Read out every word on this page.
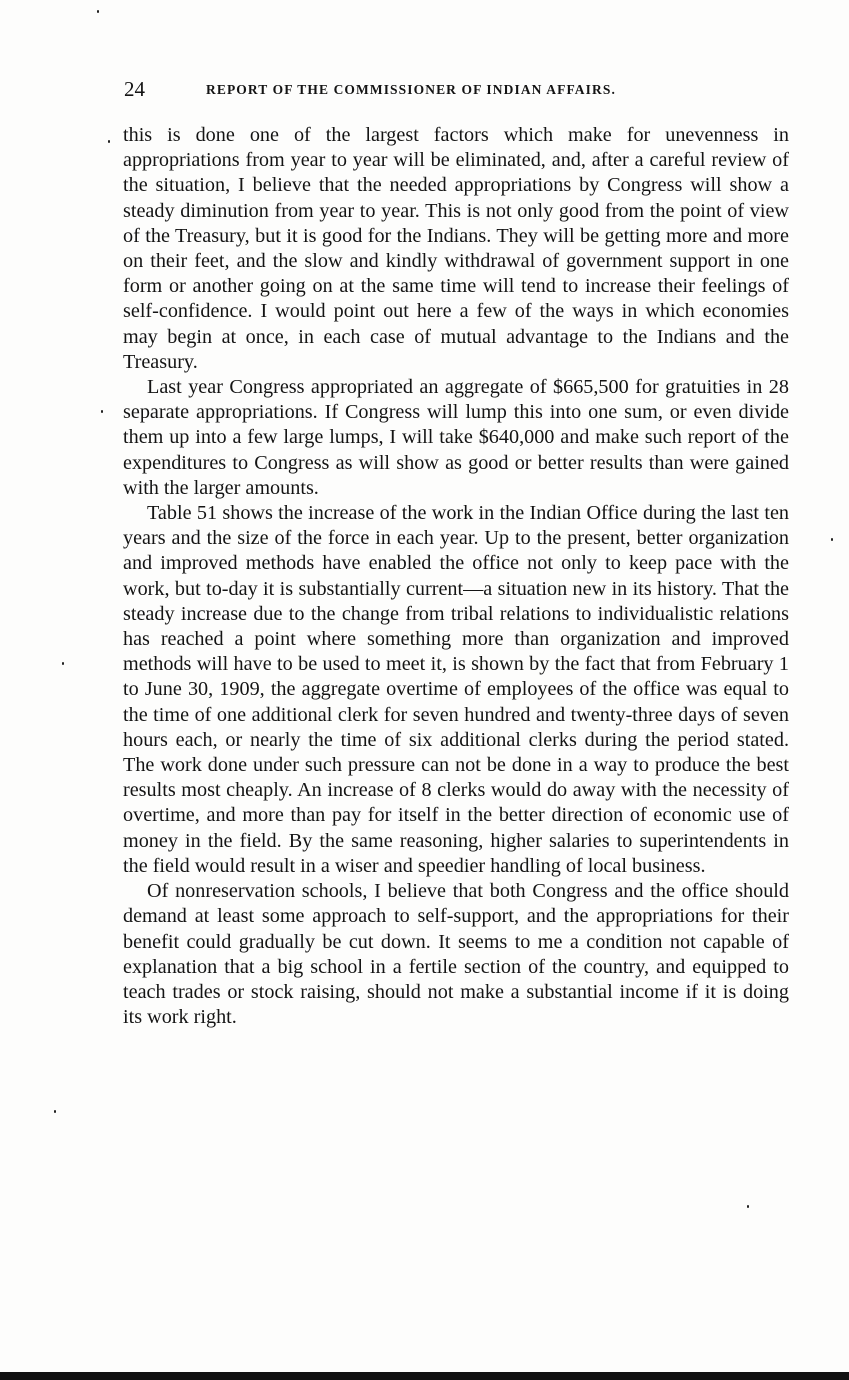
24	REPORT OF THE COMMISSIONER OF INDIAN AFFAIRS.

this is done one of the largest factors which make for unevenness in appropriations from year to year will be eliminated, and, after a careful review of the situation, I believe that the needed appropriations by Congress will show a steady diminution from year to year. This is not only good from the point of view of the Treasury, but it is good for the Indians. They will be getting more and more on their feet, and the slow and kindly withdrawal of government support in one form or another going on at the same time will tend to increase their feelings of self-confidence. I would point out here a few of the ways in which economies may begin at once, in each case of mutual advantage to the Indians and the Treasury.

Last year Congress appropriated an aggregate of $665,500 for gratuities in 28 separate appropriations. If Congress will lump this into one sum, or even divide them up into a few large lumps, I will take $640,000 and make such report of the expenditures to Congress as will show as good or better results than were gained with the larger amounts.

Table 51 shows the increase of the work in the Indian Office during the last ten years and the size of the force in each year. Up to the present, better organization and improved methods have enabled the office not only to keep pace with the work, but to-day it is substantially current—a situation new in its history. That the steady increase due to the change from tribal relations to individualistic relations has reached a point where something more than organization and improved methods will have to be used to meet it, is shown by the fact that from February 1 to June 30, 1909, the aggregate overtime of employees of the office was equal to the time of one additional clerk for seven hundred and twenty-three days of seven hours each, or nearly the time of six additional clerks during the period stated. The work done under such pressure can not be done in a way to produce the best results most cheaply. An increase of 8 clerks would do away with the necessity of overtime, and more than pay for itself in the better direction of economic use of money in the field. By the same reasoning, higher salaries to superintendents in the field would result in a wiser and speedier handling of local business.

Of nonreservation schools, I believe that both Congress and the office should demand at least some approach to self-support, and the appropriations for their benefit could gradually be cut down. It seems to me a condition not capable of explanation that a big school in a fertile section of the country, and equipped to teach trades or stock raising, should not make a substantial income if it is doing its work right.
